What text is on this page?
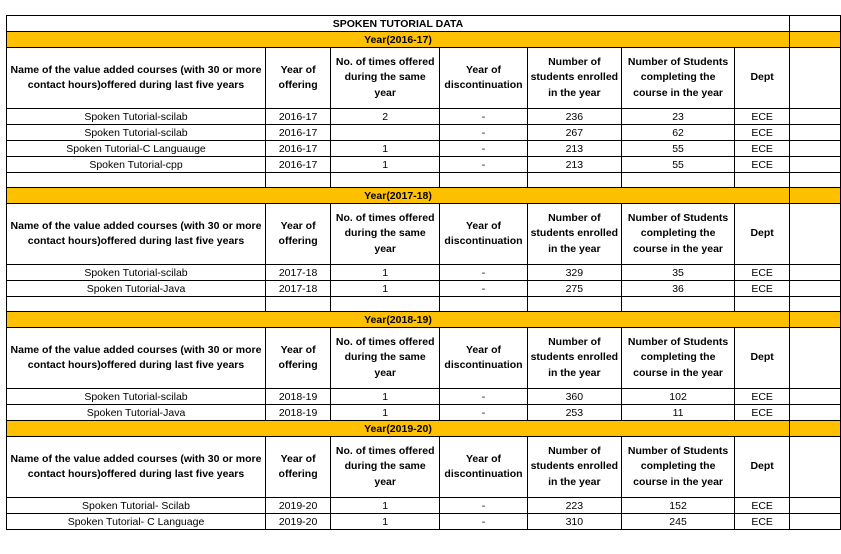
SPOKEN TUTORIAL DATA							
Year(2016-17)							
Name of the value added courses (with 30 or more contact hours)offered during last five years	Year of offering	No. of times offered during the same year	Year of discontinuation	Number of students enrolled in the year	Number of Students completing the course in the year	Dept	
Spoken Tutorial-scilab	2016-17	2	-	236	23	ECE	
Spoken Tutorial-scilab	2016-17		-	267	62	ECE	
Spoken Tutorial-C Languauge	2016-17	1	-	213	55	ECE	
Spoken Tutorial-cpp	2016-17	1	-	213	55	ECE	

Year(2017-18)							
Name of the value added courses (with 30 or more contact hours)offered during last five years	Year of offering	No. of times offered during the same year	Year of discontinuation	Number of students enrolled in the year	Number of Students completing the course in the year	Dept	
Spoken Tutorial-scilab	2017-18	1	-	329	35	ECE	
Spoken Tutorial-Java	2017-18	1	-	275	36	ECE	

Year(2018-19)							
Name of the value added courses (with 30 or more contact hours)offered during last five years	Year of offering	No. of times offered during the same year	Year of discontinuation	Number of students enrolled in the year	Number of Students completing the course in the year	Dept	
Spoken Tutorial-scilab	2018-19	1	-	360	102	ECE	
Spoken Tutorial-Java	2018-19	1	-	253	11	ECE	
Year(2019-20)							
Name of the value added courses (with 30 or more contact hours)offered during last five years	Year of offering	No. of times offered during the same year	Year of discontinuation	Number of students enrolled in the year	Number of Students completing the course in the year	Dept	
Spoken Tutorial- Scilab	2019-20	1	-	223	152	ECE	
Spoken Tutorial- C Language	2019-20	1	-	310	245	ECE	
